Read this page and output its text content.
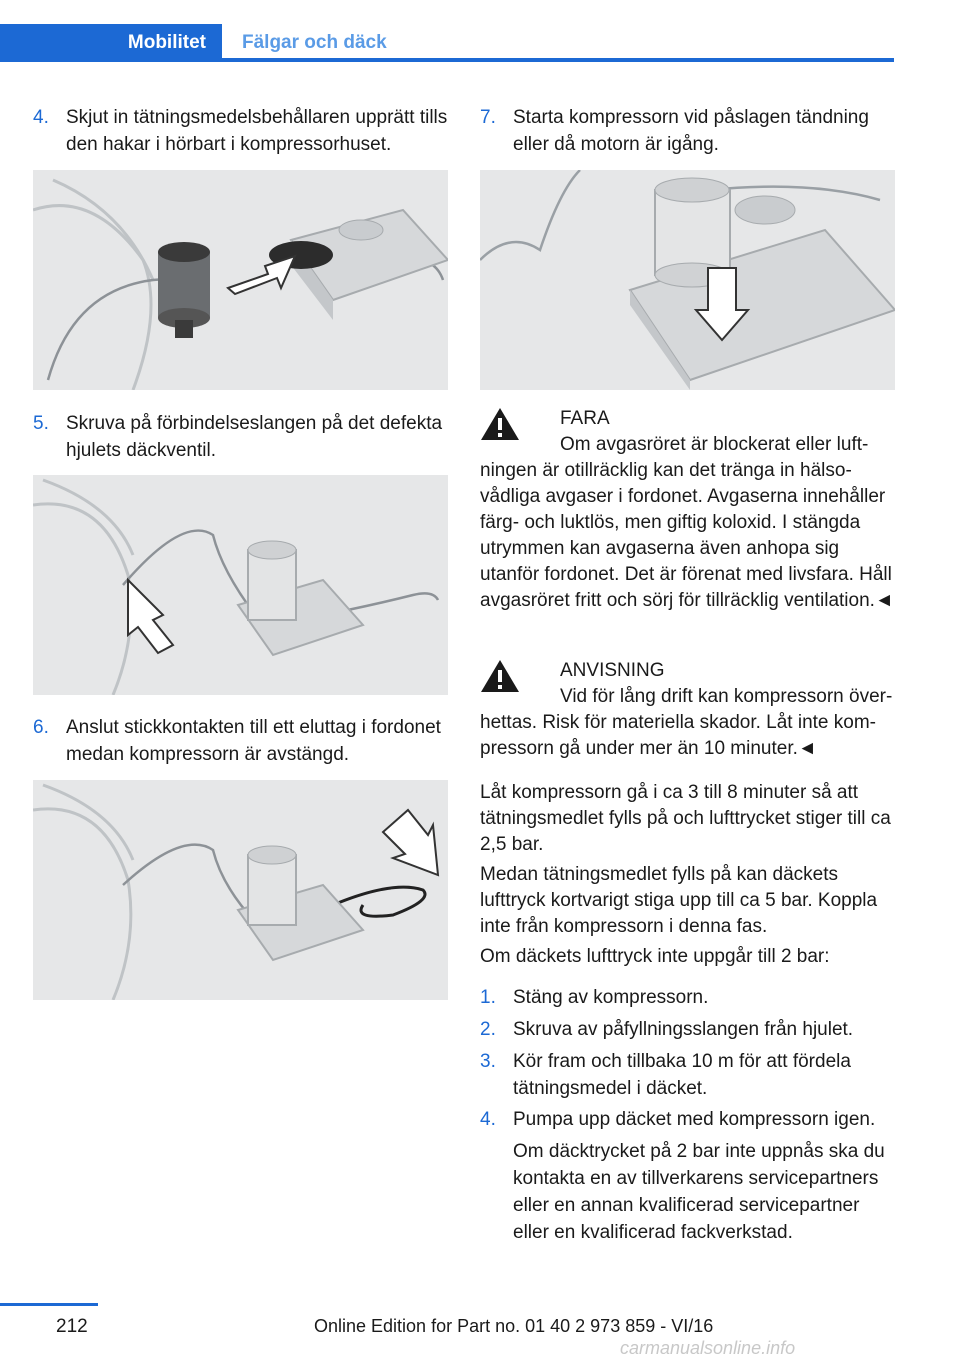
Mobilitet	Fälgar och däck
4. Skjut in tätningsmedelsbehållaren upprätt tills den hakar i hörbart i kompressorhuset.
5. Skruva på förbindelseslangen på det defekta hjulets däckventil.
6. Anslut stickkontakten till ett eluttag i fordonet medan kompressorn är avstängd.
7. Starta kompressorn vid påslagen tändning eller då motorn är igång.
FARA
Om avgasröret är blockerat eller luftningen är otillräcklig kan det tränga in hälsovådliga avgaser i fordonet. Avgaserna innehåller färg- och luktlös, men giftig koloxid. I stängda utrymmen kan avgaserna även anhopa sig utanför fordonet. Det är förenat med livsfara. Håll avgasröret fritt och sörj för tillräcklig ventilation.◄
ANVISNING
Vid för lång drift kan kompressorn överhettas. Risk för materiella skador. Låt inte kompressorn gå under mer än 10 minuter.◄
Låt kompressorn gå i ca 3 till 8 minuter så att tätningsmedlet fylls på och lufttrycket stiger till ca 2,5 bar.
Medan tätningsmedlet fylls på kan däckets lufttryck kortvarigt stiga upp till ca 5 bar. Koppla inte från kompressorn i denna fas.
Om däckets lufttryck inte uppgår till 2 bar:
1. Stäng av kompressorn.
2. Skruva av påfyllningsslangen från hjulet.
3. Kör fram och tillbaka 10 m för att fördela tätningsmedel i däcket.
4. Pumpa upp däcket med kompressorn igen.
Om däcktrycket på 2 bar inte uppnås ska du kontakta en av tillverkarens servicepartners eller en annan kvalificerad servicepartner eller en kvalificerad fackverkstad.
212	Online Edition for Part no. 01 40 2 973 859 - VI/16
carmanualsonline.info
